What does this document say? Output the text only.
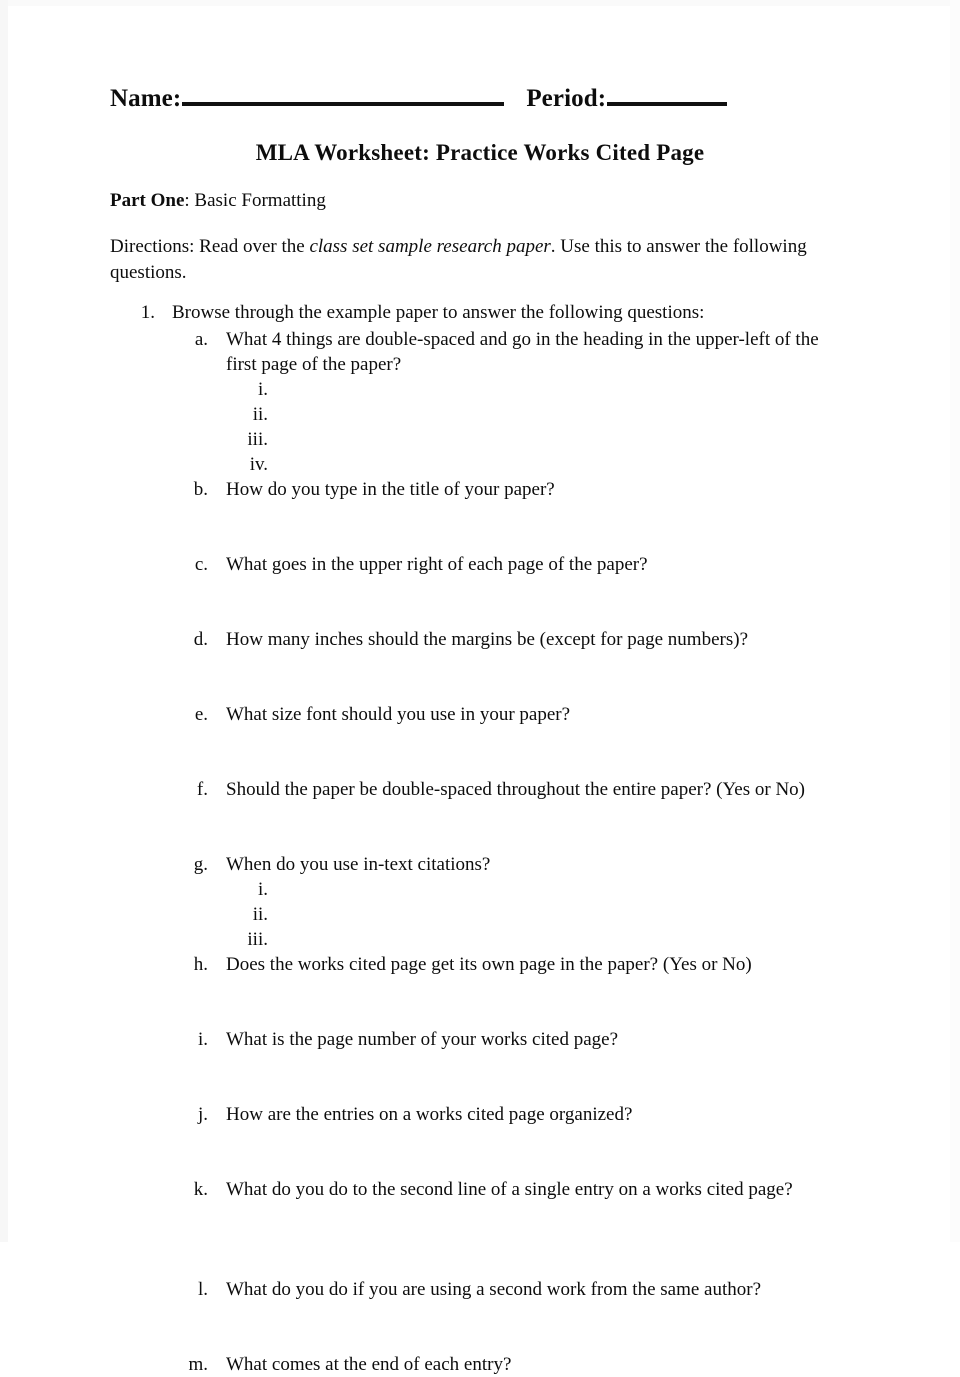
Name:	Period:
MLA Worksheet: Practice Works Cited Page
Part One: Basic Formatting
Directions: Read over the class set sample research paper. Use this to answer the following questions.
1. Browse through the example paper to answer the following questions:
a. What 4 things are double-spaced and go in the heading in the upper-left of the first page of the paper?
i.

ii.

iii.

iv.

b. How do you type in the title of your paper?
c. What goes in the upper right of each page of the paper?
d. How many inches should the margins be (except for page numbers)?
e. What size font should you use in your paper?
f. Should the paper be double-spaced throughout the entire paper? (Yes or No)
g. When do you use in-text citations?
i.

ii.

iii.

h. Does the works cited page get its own page in the paper? (Yes or No)
i. What is the page number of your works cited page?
j. How are the entries on a works cited page organized?
k. What do you do to the second line of a single entry on a works cited page?
l. What do you do if you are using a second work from the same author?
m. What comes at the end of each entry?
